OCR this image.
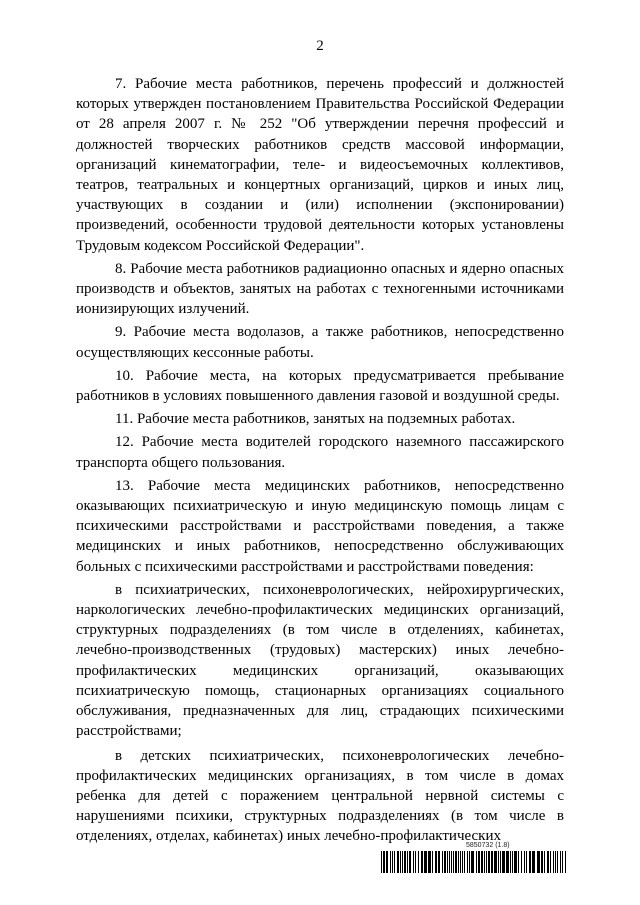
2

7. Рабочие места работников, перечень профессий и должностей которых утвержден постановлением Правительства Российской Федерации от 28 апреля 2007 г. № 252 "Об утверждении перечня профессий и должностей творческих работников средств массовой информации, организаций кинематографии, теле- и видеосъемочных коллективов, театров, театральных и концертных организаций, цирков и иных лиц, участвующих в создании и (или) исполнении (экспонировании) произведений, особенности трудовой деятельности которых установлены Трудовым кодексом Российской Федерации".

8. Рабочие места работников радиационно опасных и ядерно опасных производств и объектов, занятых на работах с техногенными источниками ионизирующих излучений.

9. Рабочие места водолазов, а также работников, непосредственно осуществляющих кессонные работы.

10. Рабочие места, на которых предусматривается пребывание работников в условиях повышенного давления газовой и воздушной среды.

11. Рабочие места работников, занятых на подземных работах.

12. Рабочие места водителей городского наземного пассажирского транспорта общего пользования.

13. Рабочие места медицинских работников, непосредственно оказывающих психиатрическую и иную медицинскую помощь лицам с психическими расстройствами и расстройствами поведения, а также медицинских и иных работников, непосредственно обслуживающих больных с психическими расстройствами и расстройствами поведения:

в психиатрических, психоневрологических, нейрохирургических, наркологических лечебно-профилактических медицинских организаций, структурных подразделениях (в том числе в отделениях, кабинетах, лечебно-производственных (трудовых) мастерских) иных лечебно-профилактических медицинских организаций, оказывающих психиатрическую помощь, стационарных организациях социального обслуживания, предназначенных для лиц, страдающих психическими расстройствами;

в детских психиатрических, психоневрологических лечебно-профилактических медицинских организациях, в том числе в домах ребенка для детей с поражением центральной нервной системы с нарушениями психики, структурных подразделениях (в том числе в отделениях, отделах, кабинетах) иных лечебно-профилактических

5850732 (1.8)
